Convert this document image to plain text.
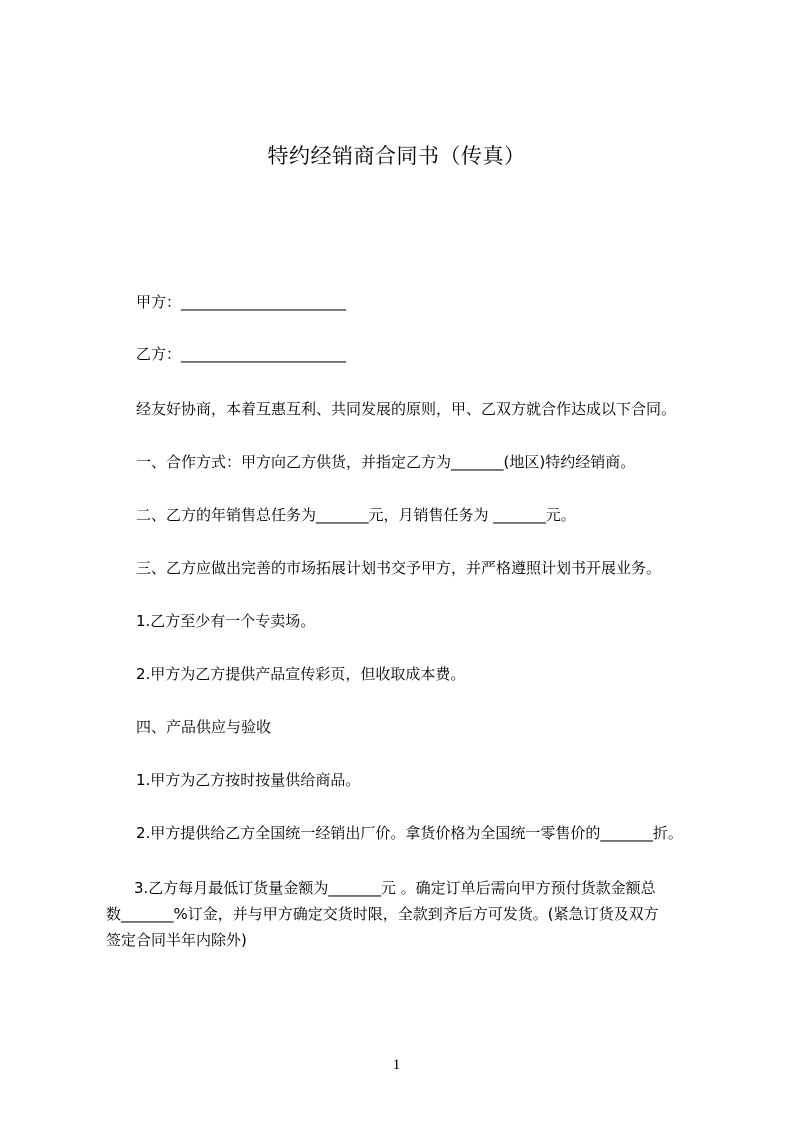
特约经销商合同书（传真）
甲方：______________________
乙方：______________________
经友好协商，本着互惠互利、共同发展的原则，甲、乙双方就合作达成以下合同。
一、合作方式：甲方向乙方供货，并指定乙方为_______(地区)特约经销商。
二、乙方的年销售总任务为_______元，月销售任务为 _______元。
三、乙方应做出完善的市场拓展计划书交予甲方，并严格遵照计划书开展业务。
1.乙方至少有一个专卖场。
2.甲方为乙方提供产品宣传彩页，但收取成本费。
四、产品供应与验收
1.甲方为乙方按时按量供给商品。
2.甲方提供给乙方全国统一经销出厂价。拿货价格为全国统一零售价的_______折。
3.乙方每月最低订货量金额为_______元 。确定订单后需向甲方预付货款金额总
数_______%订金，并与甲方确定交货时限，全款到齐后方可发货。(紧急订货及双方
签定合同半年内除外)
1
